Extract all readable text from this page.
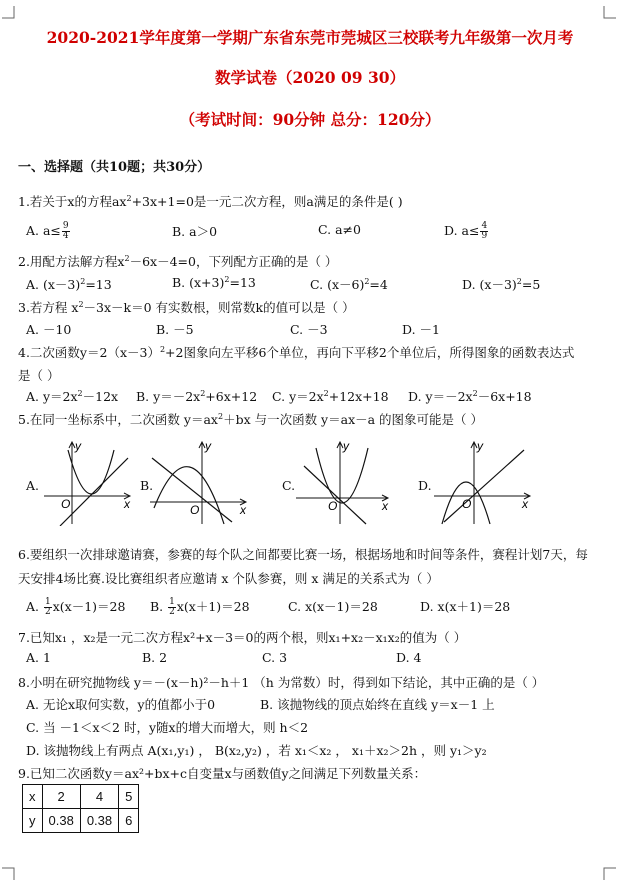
2020-2021学年度第一学期广东省东莞市莞城区三校联考九年级第一次月考
数学试卷（2020 09 30）
（考试时间：90分钟 总分：120分）
一、选择题（共10题；共30分）
1.若关于x的方程$ax^2+3x+1=0$是一元二次方程，则a满足的条件是( )
A. $a\le \frac{9}{4}$	B. a＞0	C. a≠0	D. $a\le \frac{4}{9}$
2.用配方法解方程$x^2-6x-4=0$，下列配方正确的是（ ）
A. $(x-3)^2=13$	B. $(x+3)^2=13$	C. $(x-6)^2=4$	D. $(x-3)^2=5$
3.若方程 $x^2-3x-k=0$ 有实数根，则常数k的值可以是（ ）
A. －10	B. －5	C. －3	D. －1
4.二次函数$y=2(x-3)^2+2$图象向左平移6个单位，再向下平移2个单位后，所得图象的函数表达式
是（ ）
A. $y=2x^2-12x$ B. $y=-2x^2+6x+12$ C. $y=2x^2+12x+18$ D. $y=-2x^2-6x+18$
5.在同一坐标系中，二次函数 $y=ax^2+bx$ 与一次函数 y＝ax－a 的图象可能是（ ）
A.
y
x
O
B.
y
x
O
C.
y
x
O
D.
y
x
O
6.要组织一次排球邀请赛，参赛的每个队之间都要比赛一场，根据场地和时间等条件，赛程计划7天，每
天安排4场比赛.设比赛组织者应邀请 x 个队参赛，则 x 满足的关系式为（ ）
A. $\frac{1}{2} x(x-1)=28$ B. $\frac{1}{2} x(x+1)=28$	C. x(x－1)＝28	D. x(x＋1)＝28
7.已知x₁ ，x₂是一元二次方程x²+x－3＝0的两个根，则x₁+x₂－x₁x₂的值为（ ）
A. 1	B. 2	C. 3	D. 4
8.小明在研究抛物线 y＝－(x－h)²－h＋1 （h 为常数）时，得到如下结论，其中正确的是（ ）
A. 无论x取何实数，y的值都小于0	B. 该抛物线的顶点始终在直线 y＝x－1 上
C. 当 －1＜x＜2 时，y随x的增大而增大，则 h＜2
D. 该抛物线上有两点 A(x₁,y₁) ， B(x₂,y₂) ，若 x₁＜x₂ ， x₁＋x₂＞2h ，则 y₁＞y₂
9.已知二次函数y＝ax²+bx+c自变量x与函数值y之间满足下列数量关系：
x	2	4	5
y	0.38	0.38	6
